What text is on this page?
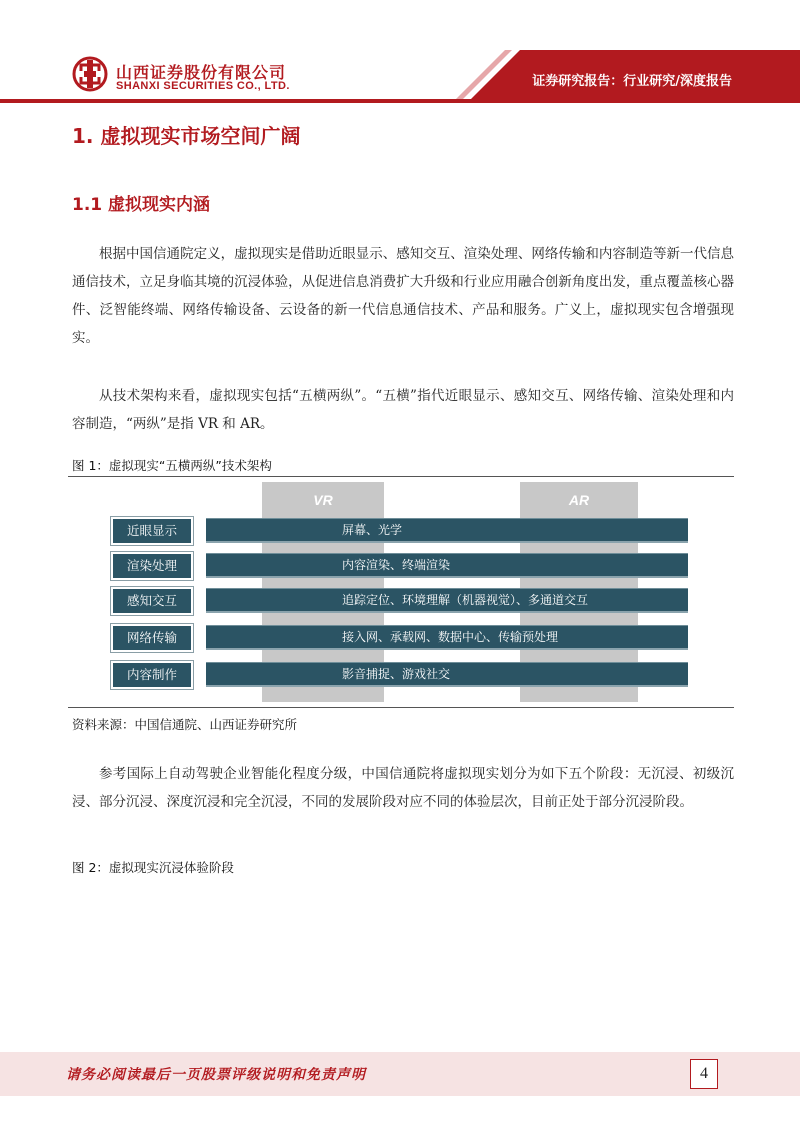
山西证券股份有限公司
SHANXI SECURITIES CO., LTD.	证券研究报告：行业研究/深度报告
1. 虚拟现实市场空间广阔
1.1 虚拟现实内涵
根据中国信通院定义，虚拟现实是借助近眼显示、感知交互、渲染处理、网络传输和内容制造等新一代信息通信技术，立足身临其境的沉浸体验，从促进信息消费扩大升级和行业应用融合创新角度出发，重点覆盖核心器件、泛智能终端、网络传输设备、云设备的新一代信息通信技术、产品和服务。广义上，虚拟现实包含增强现实。
从技术架构来看，虚拟现实包括“五横两纵”。“五横”指代近眼显示、感知交互、网络传输、渲染处理和内容制造，“两纵”是指 VR 和 AR。
图 1：虚拟现实“五横两纵”技术架构
VR	AR
近眼显示	屏幕、光学
渲染处理	内容渲染、终端渲染
感知交互	追踪定位、环境理解（机器视觉）、多通道交互
网络传输	接入网、承载网、数据中心、传输预处理
内容制作	影音捕捉、游戏社交
资料来源：中国信通院、山西证券研究所
参考国际上自动驾驶企业智能化程度分级，中国信通院将虚拟现实划分为如下五个阶段：无沉浸、初级沉浸、部分沉浸、深度沉浸和完全沉浸，不同的发展阶段对应不同的体验层次，目前正处于部分沉浸阶段。
图 2：虚拟现实沉浸体验阶段
请务必阅读最后一页股票评级说明和免责声明	4
